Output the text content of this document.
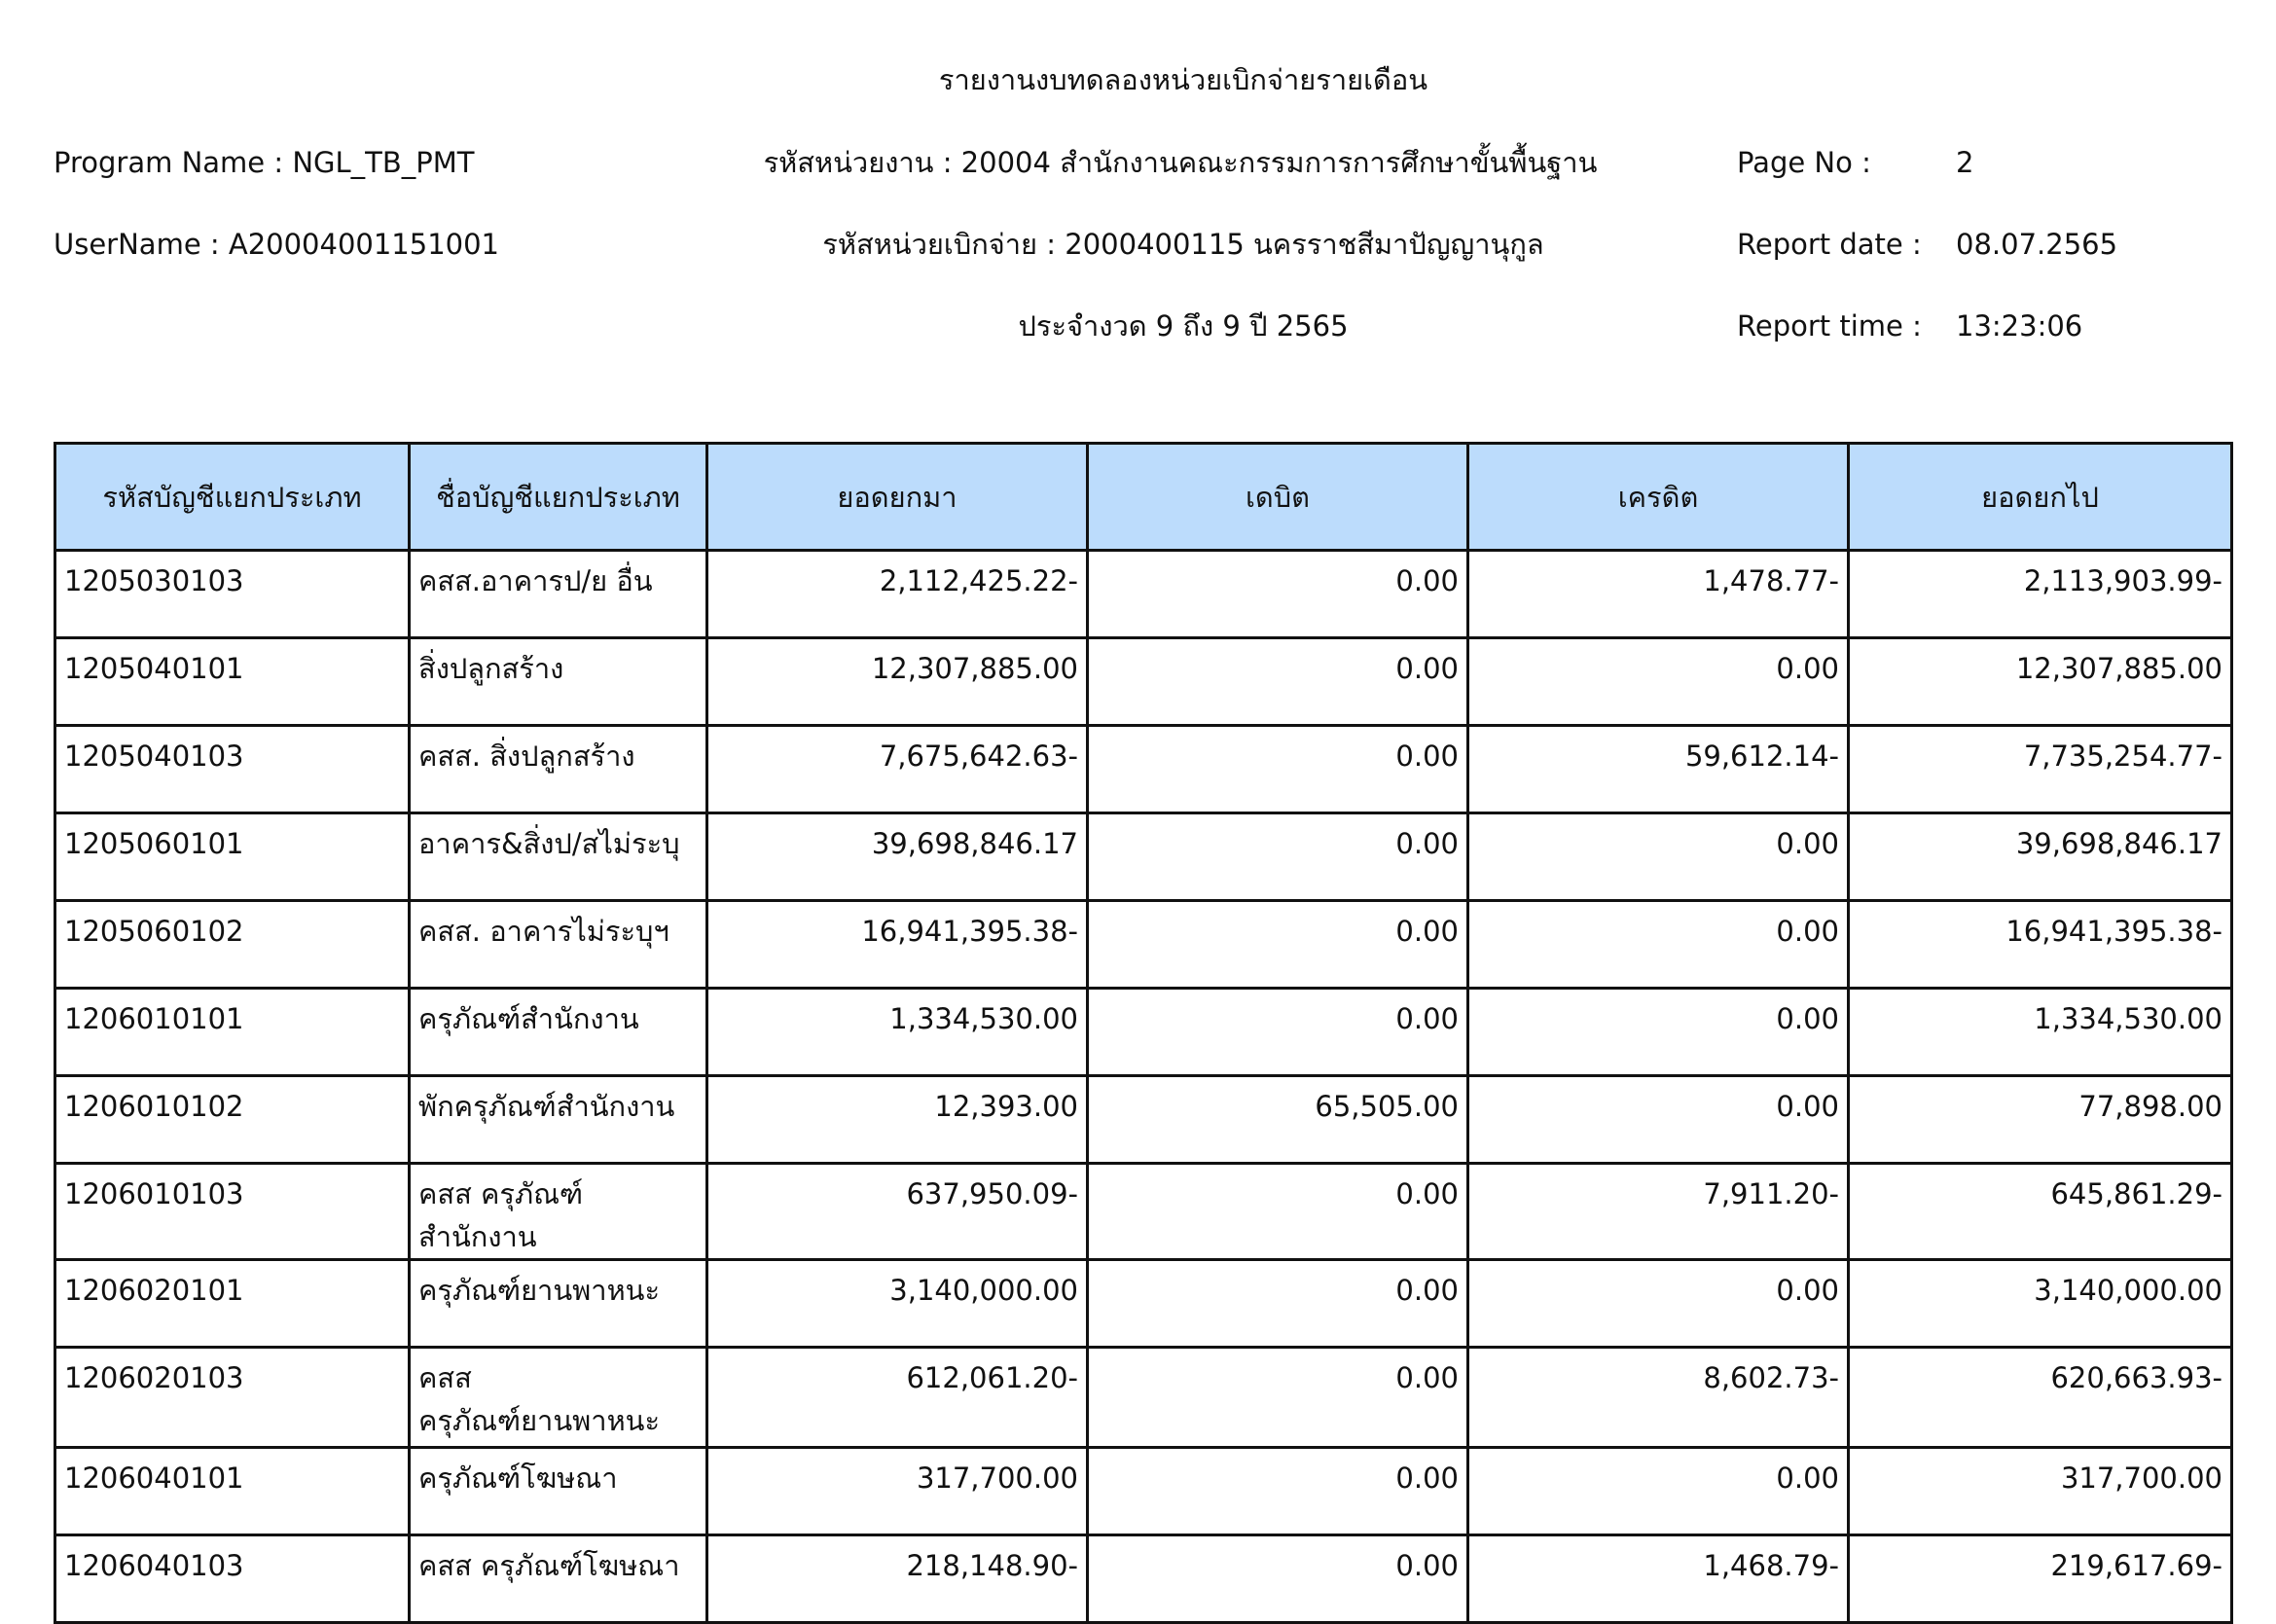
รายงานงบทดลองหน่วยเบิกจ่ายรายเดือน
Program Name : NGL_TB_PMT	รหัสหน่วยงาน : 20004 สำนักงานคณะกรรมการการศึกษาขั้นพื้นฐาน	Page No :	2
UserName : A20004001151001	รหัสหน่วยเบิกจ่าย : 2000400115 นครราชสีมาปัญญานุกูล	Report date : 08.07.2565
ประจำงวด 9 ถึง 9 ปี 2565	Report time : 13:23:06
รหัสบัญชีแยกประเภท	ชื่อบัญชีแยกประเภท	ยอดยกมา	เดบิต	เครดิต	ยอดยกไป
1205030103	คสส.อาคารป/ย อื่น	2,112,425.22-	0.00	1,478.77-	2,113,903.99-
1205040101	สิ่งปลูกสร้าง	12,307,885.00	0.00	0.00	12,307,885.00
1205040103	คสส. สิ่งปลูกสร้าง	7,675,642.63-	0.00	59,612.14-	7,735,254.77-
1205060101	อาคาร&สิ่งป/สไม่ระบุ	39,698,846.17	0.00	0.00	39,698,846.17
1205060102	คสส. อาคารไม่ระบุฯ	16,941,395.38-	0.00	0.00	16,941,395.38-
1206010101	ครุภัณฑ์สำนักงาน	1,334,530.00	0.00	0.00	1,334,530.00
1206010102	พักครุภัณฑ์สำนักงาน	12,393.00	65,505.00	0.00	77,898.00
1206010103	คสส ครุภัณฑ์สำนักงาน	637,950.09-	0.00	7,911.20-	645,861.29-
1206020101	ครุภัณฑ์ยานพาหนะ	3,140,000.00	0.00	0.00	3,140,000.00
1206020103	คสส
ครุภัณฑ์ยานพาหนะ	612,061.20-	0.00	8,602.73-	620,663.93-
1206040101	ครุภัณฑ์โฆษณา	317,700.00	0.00	0.00	317,700.00
1206040103	คสส ครุภัณฑ์โฆษณา	218,148.90-	0.00	1,468.79-	219,617.69-
